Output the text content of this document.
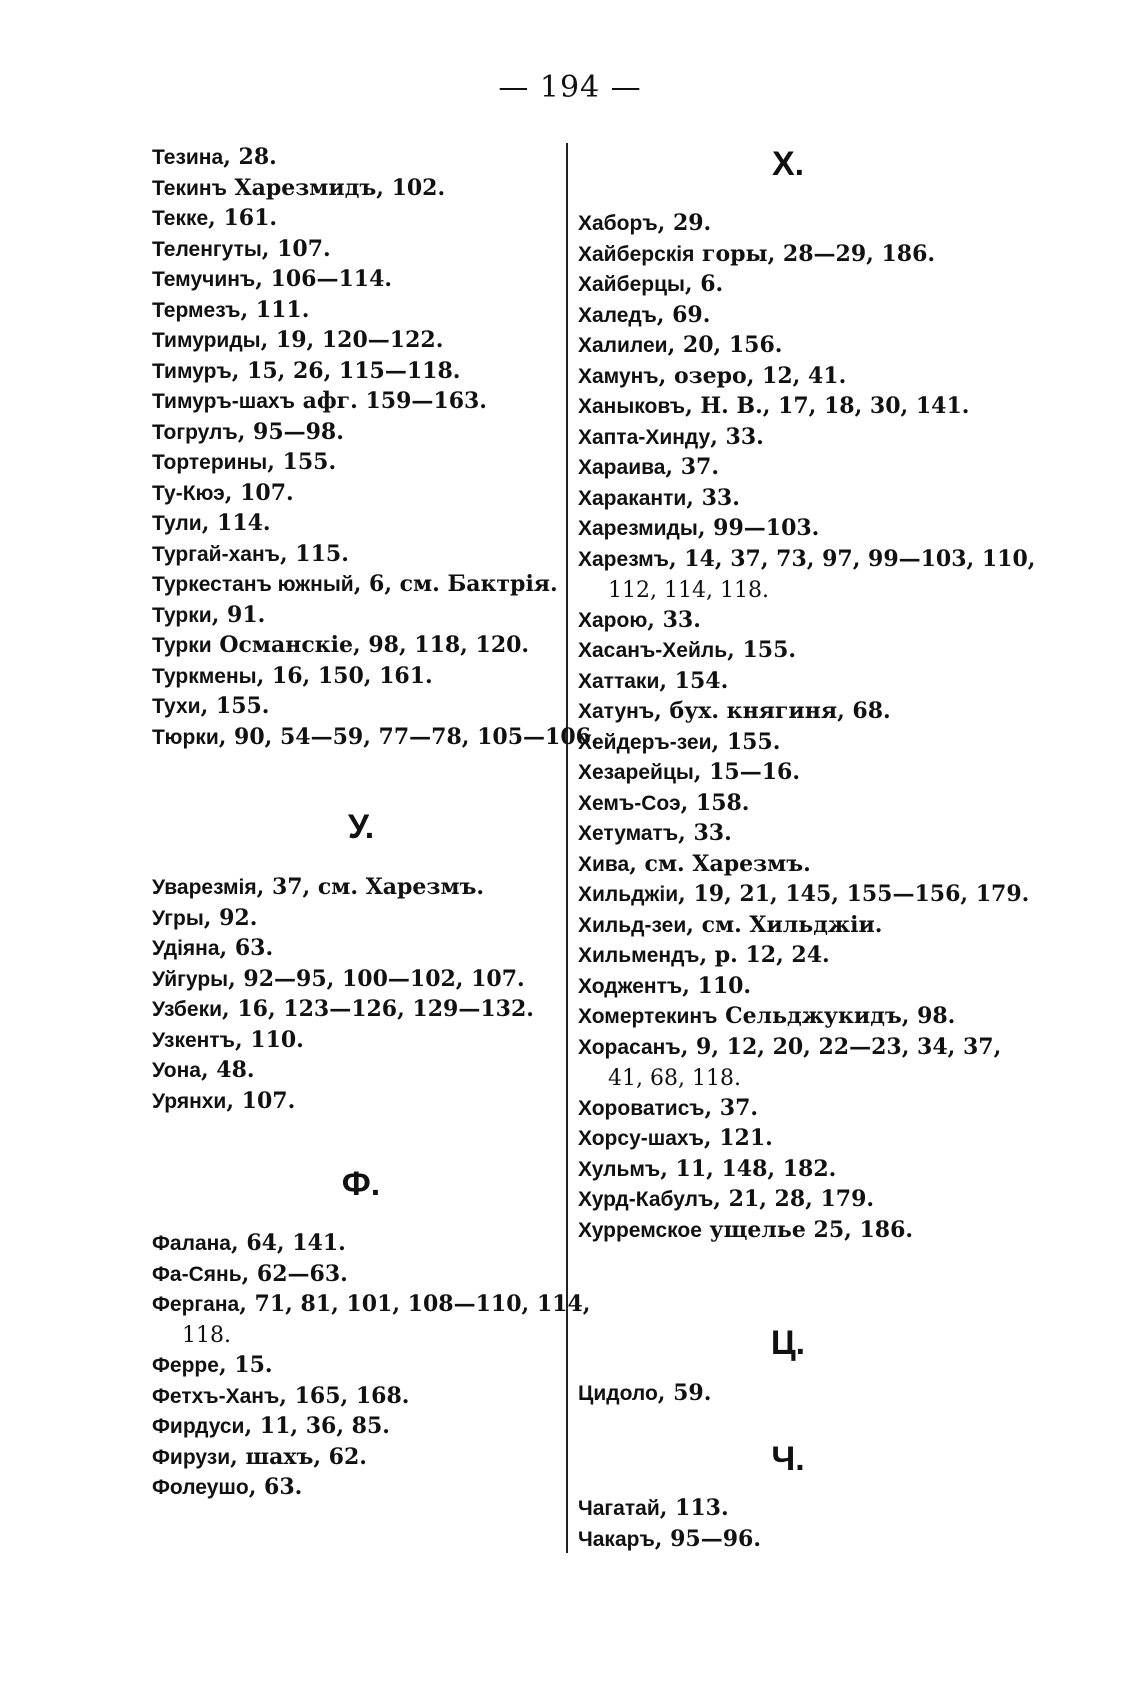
— 194 —
Тезина, 28.
Текинъ Харезмидъ, 102.
Текке, 161.
Теленгуты, 107.
Темучинъ, 106—114.
Термезъ, 111.
Тимуриды, 19, 120—122.
Тимуръ, 15, 26, 115—118.
Тимуръ-шахъ афг. 159—163.
Тогрулъ, 95—98.
Тортерины, 155.
Ту-Кюэ, 107.
Тули, 114.
Тургай-ханъ, 115.
Туркестанъ южный, 6, см. Бактрія.
Турки, 91.
Турки Османскіе, 98, 118, 120.
Туркмены, 16, 150, 161.
Тухи, 155.
Тюрки, 90, 54—59, 77—78, 105—106.
У.
Уварезмія, 37, см. Харезмъ.
Угры, 92.
Удіяна, 63.
Уйгуры, 92—95, 100—102, 107.
Узбеки, 16, 123—126, 129—132.
Узкентъ, 110.
Уона, 48.
Урянхи, 107.
Ф.
Фалана, 64, 141.
Фа-Сянь, 62—63.
Фергана, 71, 81, 101, 108—110, 114,
118.
Ферре, 15.
Фетхъ-Ханъ, 165, 168.
Фирдуси, 11, 36, 85.
Фирузи, шахъ, 62.
Фолеушо, 63.
Х.
Хаборъ, 29.
Хайберскія горы, 28—29, 186.
Хайберцы, 6.
Халедъ, 69.
Халилеи, 20, 156.
Хамунъ, озеро, 12, 41.
Ханыковъ, Н. В., 17, 18, 30, 141.
Хапта-Хинду, 33.
Хараива, 37.
Хараканти, 33.
Харезмиды, 99—103.
Харезмъ, 14, 37, 73, 97, 99—103, 110,
112, 114, 118.
Харою, 33.
Хасанъ-Хейль, 155.
Хаттаки, 154.
Хатунъ, бух. княгиня, 68.
Хейдеръ-зеи, 155.
Хезарейцы, 15—16.
Хемъ-Соэ, 158.
Хетуматъ, 33.
Хива, см. Харезмъ.
Хильджіи, 19, 21, 145, 155—156, 179.
Хильд-зеи, см. Хильджіи.
Хильмендъ, р. 12, 24.
Ходжентъ, 110.
Хомертекинъ Сельджукидъ, 98.
Хорасанъ, 9, 12, 20, 22—23, 34, 37,
41, 68, 118.
Хороватисъ, 37.
Хорсу-шахъ, 121.
Хульмъ, 11, 148, 182.
Хурд-Кабулъ, 21, 28, 179.
Хурремское ущелье 25, 186.
Ц.
Цидоло, 59.
Ч.
Чагатай, 113.
Чакаръ, 95—96.
